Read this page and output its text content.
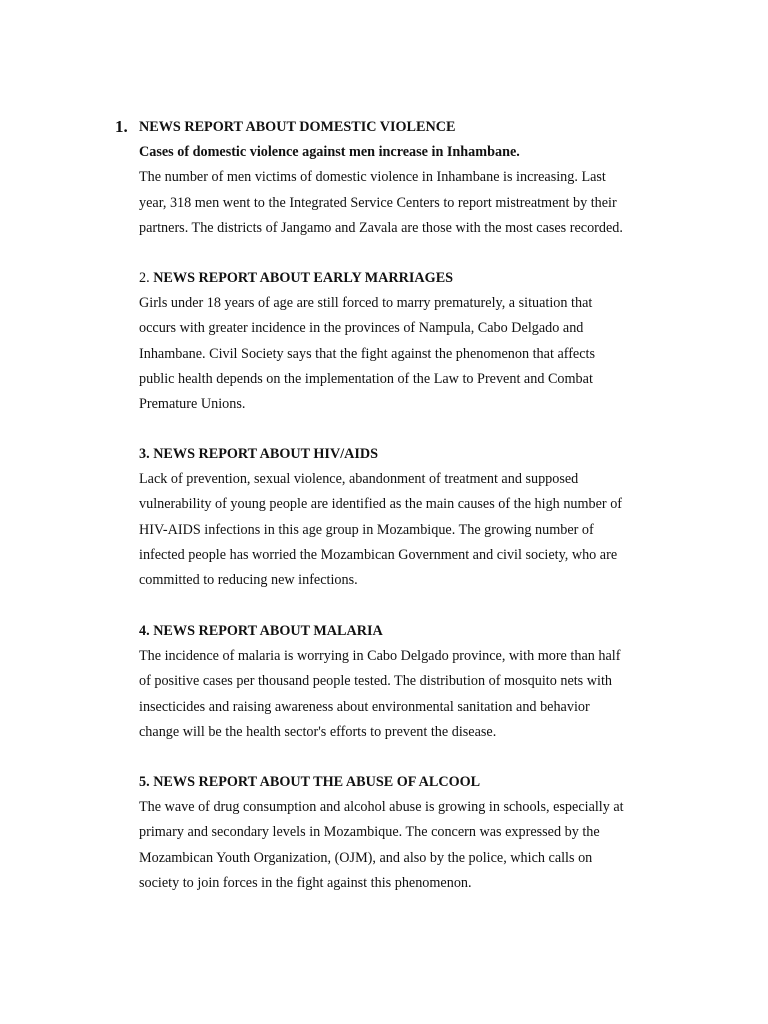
1. NEWS REPORT ABOUT DOMESTIC VIOLENCE
Cases of domestic violence against men increase in Inhambane.
The number of men victims of domestic violence in Inhambane is increasing. Last
year, 318 men went to the Integrated Service Centers to report mistreatment by their
partners. The districts of Jangamo and Zavala are those with the most cases recorded.
2. NEWS REPORT ABOUT EARLY MARRIAGES
Girls under 18 years of age are still forced to marry prematurely, a situation that
occurs with greater incidence in the provinces of Nampula, Cabo Delgado and
Inhambane. Civil Society says that the fight against the phenomenon that affects
public health depends on the implementation of the Law to Prevent and Combat
Premature Unions.
3. NEWS REPORT ABOUT HIV/AIDS
Lack of prevention, sexual violence, abandonment of treatment and supposed
vulnerability of young people are identified as the main causes of the high number of
HIV-AIDS infections in this age group in Mozambique. The growing number of
infected people has worried the Mozambican Government and civil society, who are
committed to reducing new infections.
4. NEWS REPORT ABOUT MALARIA
The incidence of malaria is worrying in Cabo Delgado province, with more than half
of positive cases per thousand people tested. The distribution of mosquito nets with
insecticides and raising awareness about environmental sanitation and behavior
change will be the health sector's efforts to prevent the disease.
5. NEWS REPORT ABOUT THE ABUSE OF ALCOOL
The wave of drug consumption and alcohol abuse is growing in schools, especially at
primary and secondary levels in Mozambique. The concern was expressed by the
Mozambican Youth Organization, (OJM), and also by the police, which calls on
society to join forces in the fight against this phenomenon.
